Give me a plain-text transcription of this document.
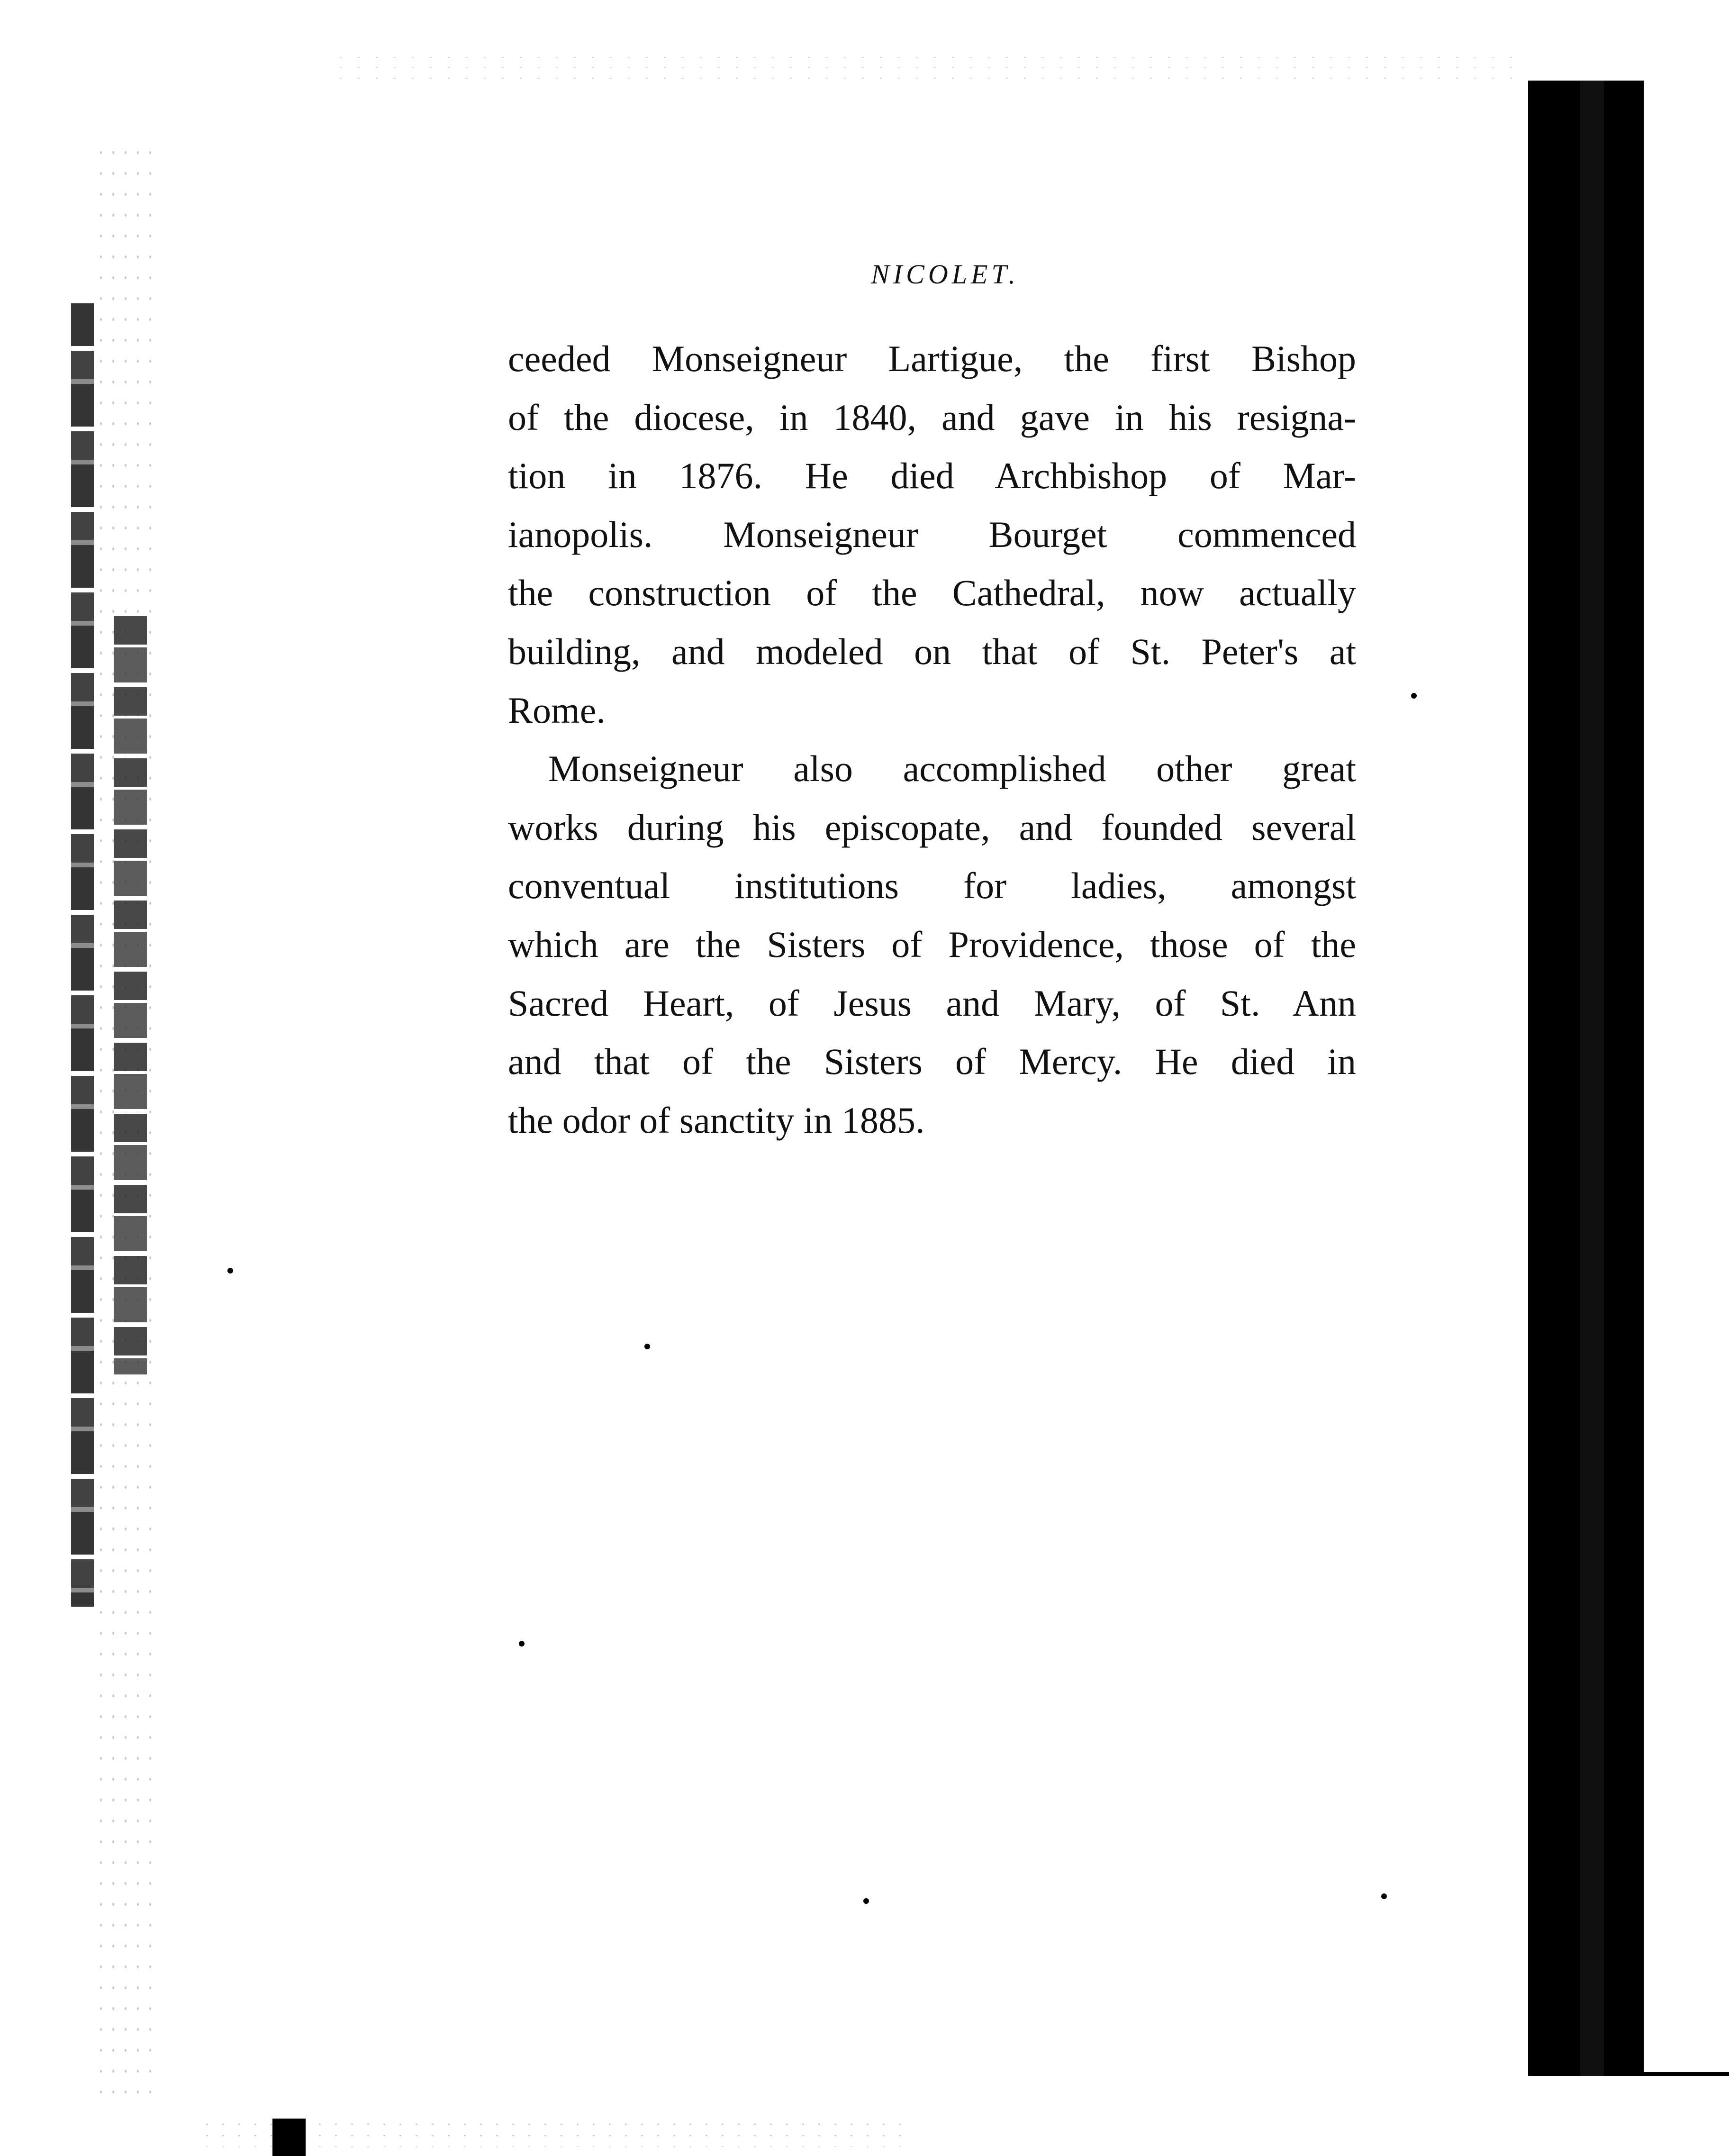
NICOLET.
ceeded Monseigneur Lartigue, the first Bishop
of the diocese, in 1840, and gave in his resigna-
tion in 1876. He died Archbishop of Mar-
ianopolis. Monseigneur Bourget commenced
the construction of the Cathedral, now actually
building, and modeled on that of St. Peter's at
Rome.
Monseigneur also accomplished other great
works during his episcopate, and founded several
conventual institutions for ladies, amongst
which are the Sisters of Providence, those of the
Sacred Heart, of Jesus and Mary, of St. Ann
and that of the Sisters of Mercy. He died in
the odor of sanctity in 1885.
